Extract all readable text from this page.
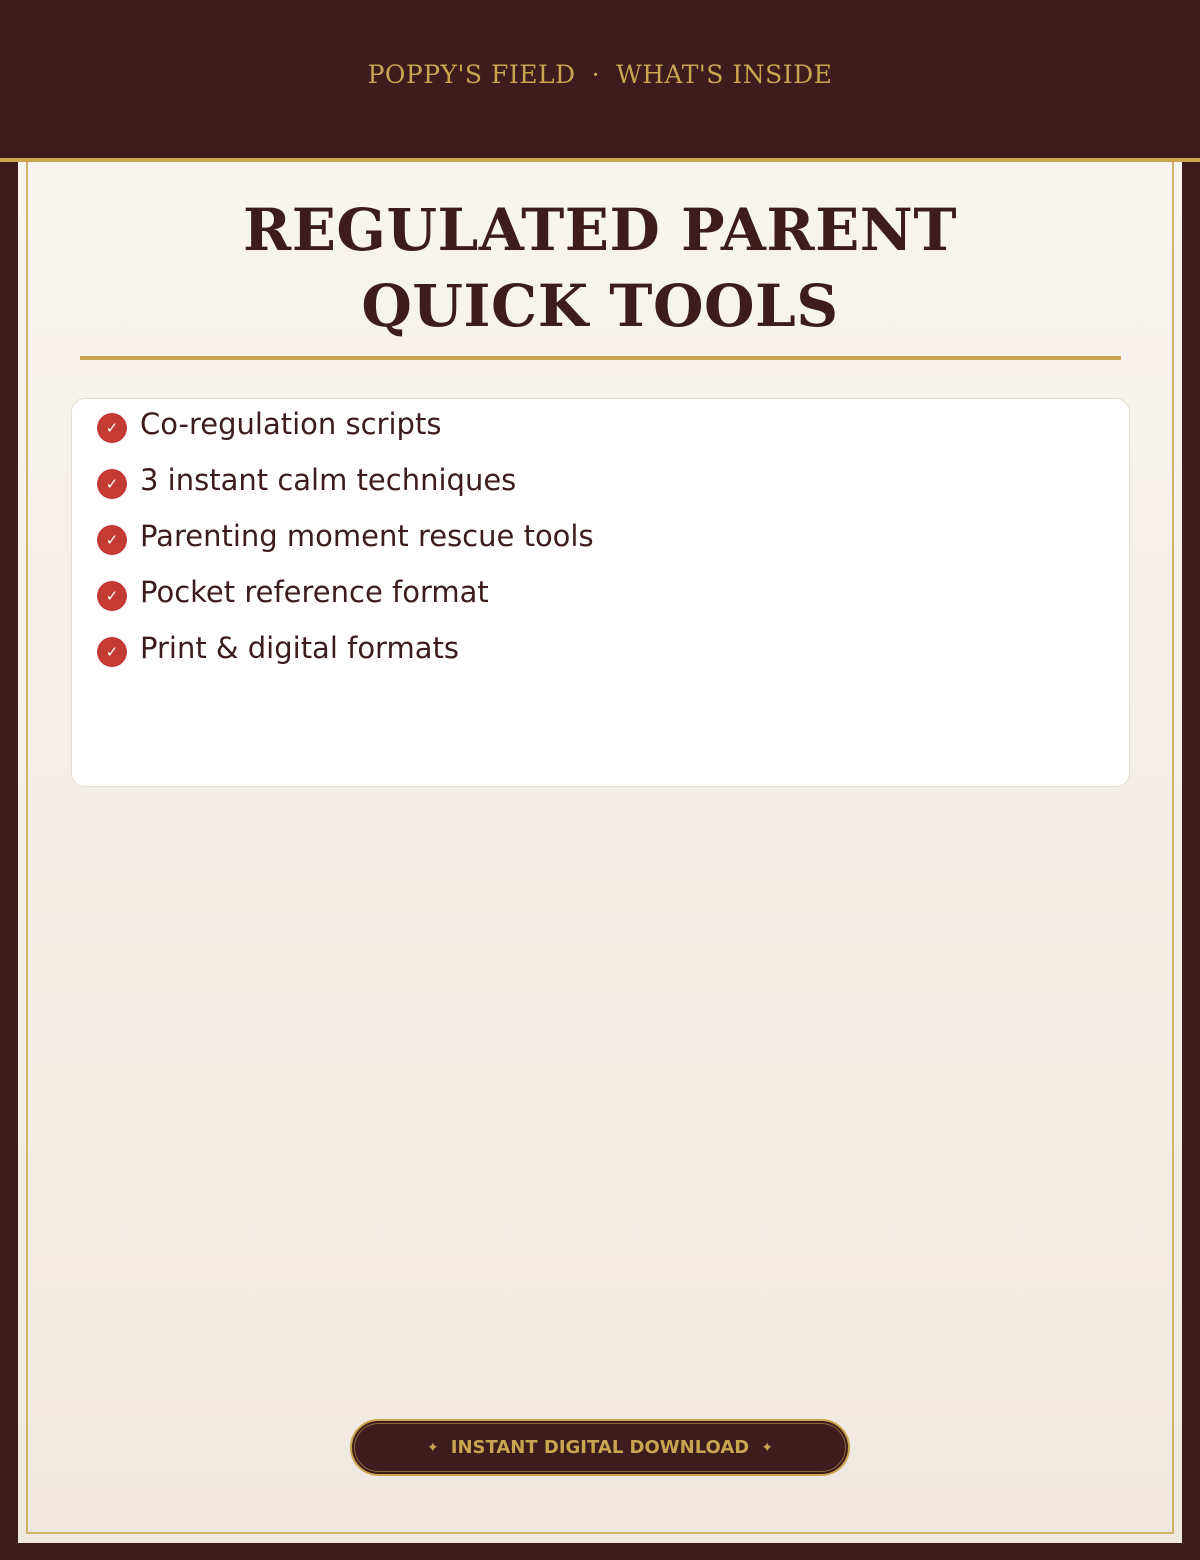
POPPY'S FIELD · WHAT'S INSIDE
REGULATED PARENT
QUICK TOOLS
✓ Co-regulation scripts
✓ 3 instant calm techniques
✓ Parenting moment rescue tools
✓ Pocket reference format
✓ Print & digital formats
✦ INSTANT DIGITAL DOWNLOAD ✦
